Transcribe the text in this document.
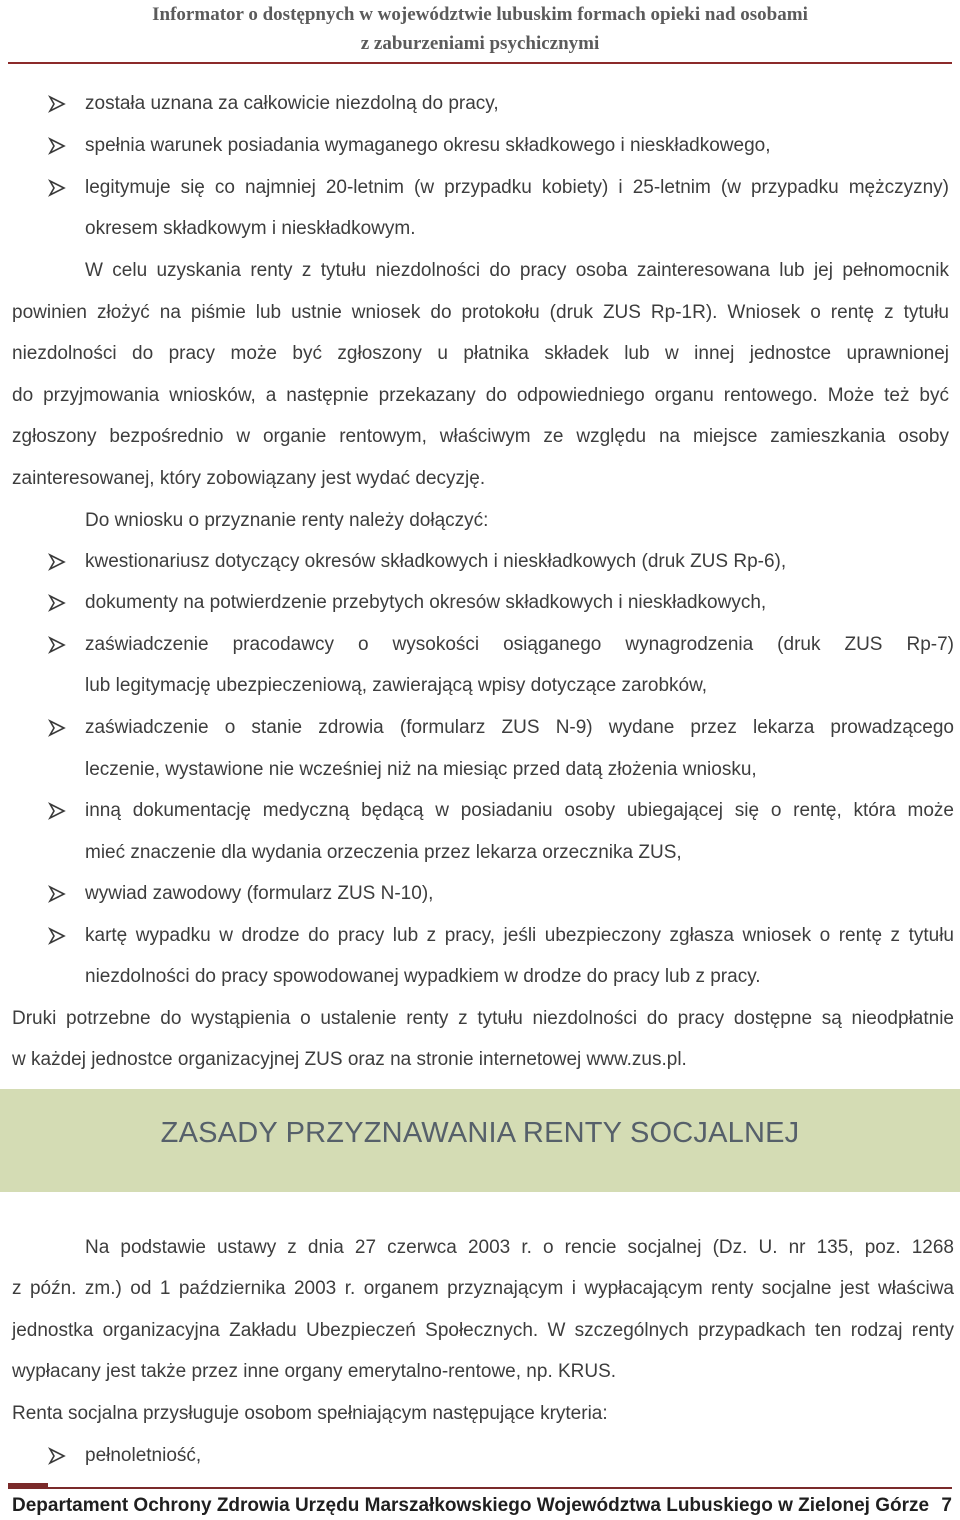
Informator o dostępnych w województwie lubuskim formach opieki nad osobami
z zaburzeniami psychicznymi
została uznana za całkowicie niezdolną do pracy,
spełnia warunek posiadania wymaganego okresu składkowego i nieskładkowego,
legitymuje się co najmniej 20-letnim (w przypadku kobiety) i 25-letnim (w przypadku mężczyzny)
okresem składkowym i nieskładkowym.
W celu uzyskania renty z tytułu niezdolności do pracy osoba zainteresowana lub jej pełnomocnik
powinien złożyć na piśmie lub ustnie wniosek do protokołu (druk ZUS Rp-1R). Wniosek o rentę z tytułu
niezdolności do pracy może być zgłoszony u płatnika składek lub w innej jednostce uprawnionej
do przyjmowania wniosków, a następnie przekazany do odpowiedniego organu rentowego. Może też być
zgłoszony bezpośrednio w organie rentowym, właściwym ze względu na miejsce zamieszkania osoby
zainteresowanej, który zobowiązany jest wydać decyzję.
Do wniosku o przyznanie renty należy dołączyć:
kwestionariusz dotyczący okresów składkowych i nieskładkowych (druk ZUS Rp-6),
dokumenty na potwierdzenie przebytych okresów składkowych i nieskładkowych,
zaświadczenie pracodawcy o wysokości osiąganego wynagrodzenia (druk ZUS Rp-7)
lub legitymację ubezpieczeniową, zawierającą wpisy dotyczące zarobków,
zaświadczenie o stanie zdrowia (formularz ZUS N-9) wydane przez lekarza prowadzącego
leczenie, wystawione nie wcześniej niż na miesiąc przed datą złożenia wniosku,
inną dokumentację medyczną będącą w posiadaniu osoby ubiegającej się o rentę, która może
mieć znaczenie dla wydania orzeczenia przez lekarza orzecznika ZUS,
wywiad zawodowy (formularz ZUS N-10),
kartę wypadku w drodze do pracy lub z pracy, jeśli ubezpieczony zgłasza wniosek o rentę z tytułu
niezdolności do pracy spowodowanej wypadkiem w drodze do pracy lub z pracy.
Druki potrzebne do wystąpienia o ustalenie renty z tytułu niezdolności do pracy dostępne są nieodpłatnie
w każdej jednostce organizacyjnej ZUS oraz na stronie internetowej www.zus.pl.
ZASADY PRZYZNAWANIA RENTY SOCJALNEJ
Na podstawie ustawy z dnia 27 czerwca 2003 r. o rencie socjalnej (Dz. U. nr 135, poz. 1268
z późn. zm.) od 1 października 2003 r. organem przyznającym i wypłacającym renty socjalne jest właściwa
jednostka organizacyjna Zakładu Ubezpieczeń Społecznych. W szczególnych przypadkach ten rodzaj renty
wypłacany jest także przez inne organy emerytalno-rentowe, np. KRUS.
Renta socjalna przysługuje osobom spełniającym następujące kryteria:
pełnoletniość,
Departament Ochrony Zdrowia Urzędu Marszałkowskiego Województwa Lubuskiego w Zielonej Górze 7
